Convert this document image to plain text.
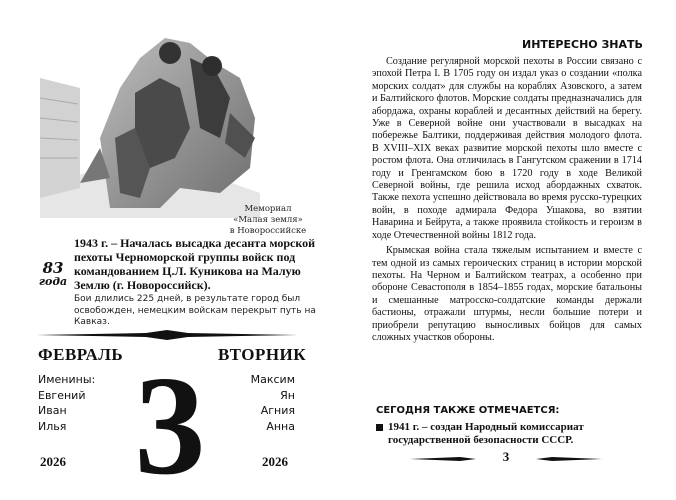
Мемориал
«Малая земля»
в Новороссийске
83
года
1943 г. – Началась высадка десанта морской пехоты Черноморской группы войск под командованием Ц.Л. Куникова на Малую Землю (г. Новороссийск).
Бои длились 225 дней, в результате город был освобожден, немецким войскам перекрыт путь на Кавказ.
ФЕВРАЛЬ	ВТОРНИК
Именины:
Евгений
Иван
Илья
Максим
Ян
Агния
Анна
3
2026	2026
ИНТЕРЕСНО ЗНАТЬ

Создание регулярной морской пехоты в России связано с эпохой Петра I. В 1705 году он издал указ о создании «полка морских солдат» для службы на кораблях Азовского, а затем и Балтийского флотов. Морские солдаты предназначались для абордажа, охраны кораблей и десантных действий на берегу. Уже в Северной войне они участвовали в высадках на побережье Балтики, поддерживая действия молодого флота. В XVIII–XIX веках развитие морской пехоты шло вместе с ростом флота. Она отличилась в Гангутском сражении в 1714 году и Гренгамском бою в 1720 году в ходе Великой Северной войны, где решила исход абордажных схваток. Также пехота успешно действовала во время русско-турецких войн, в походе адмирала Федора Ушакова, во взятии Наварина и Бейрута, а также проявила стойкость и героизм в ходе Отечественной войны 1812 года.

Крымская война стала тяжелым испытанием и вместе с тем одной из самых героических страниц в истории морской пехоты. На Черном и Балтийском театрах, а особенно при обороне Севастополя в 1854–1855 годах, морские батальоны и смешанные матросско-солдатские команды держали бастионы, отражали штурмы, несли большие потери и приобрели репутацию выносливых бойцов для самых сложных участков обороны.

СЕГОДНЯ ТАКЖЕ ОТМЕЧАЕТСЯ:
1941 г. – создан Народный комиссариат государственной безопасности СССР.
3
